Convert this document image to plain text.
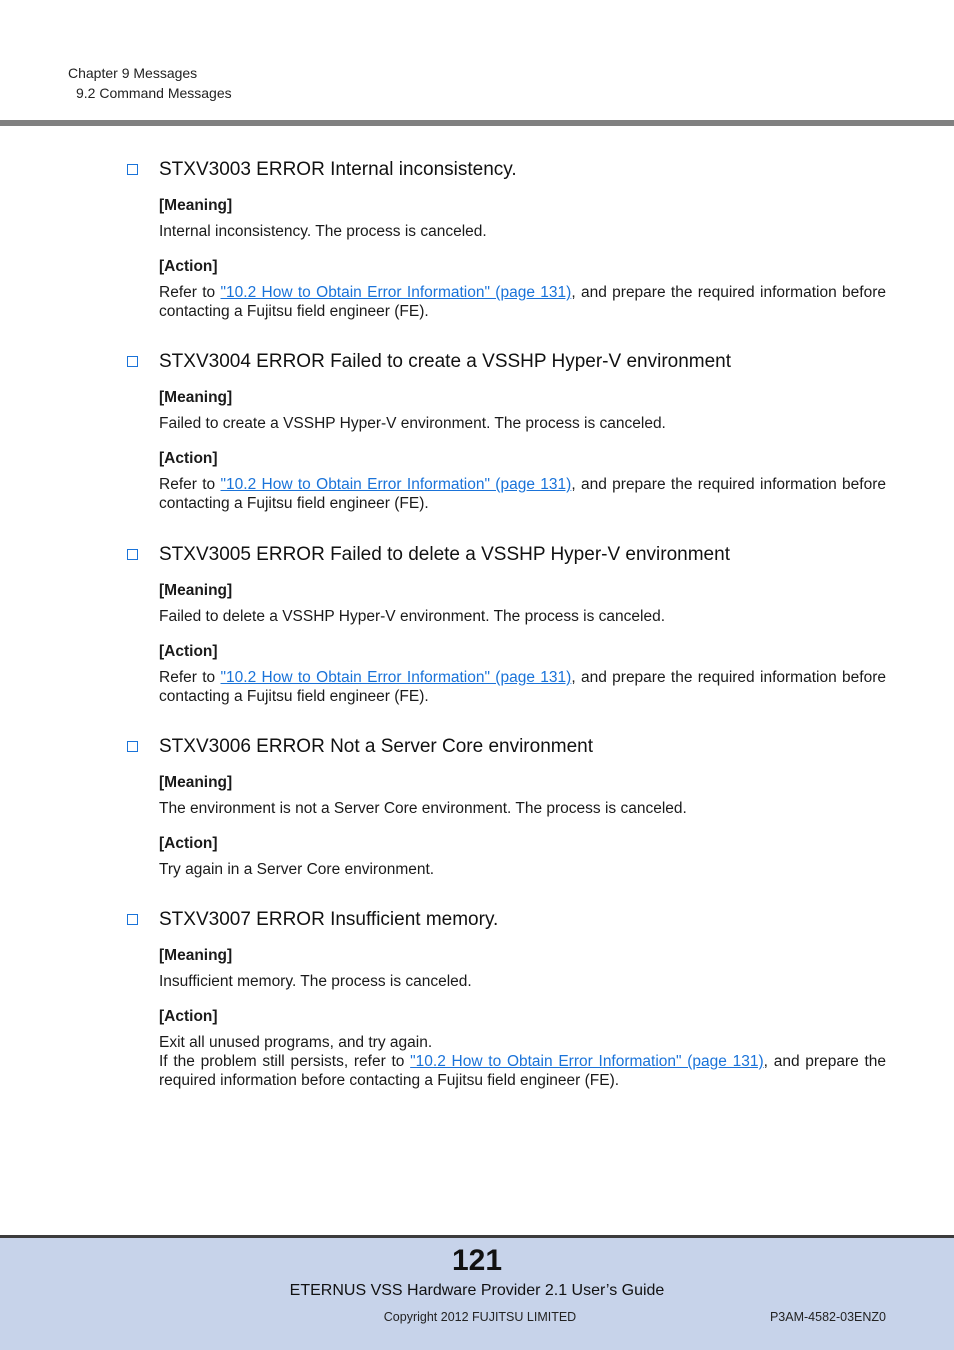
Chapter 9 Messages
9.2 Command Messages
STXV3003 ERROR Internal inconsistency.
[Meaning]
Internal inconsistency. The process is canceled.
[Action]
Refer to "10.2 How to Obtain Error Information" (page 131), and prepare the required information before contacting a Fujitsu field engineer (FE).
STXV3004 ERROR Failed to create a VSSHP Hyper-V environment
[Meaning]
Failed to create a VSSHP Hyper-V environment. The process is canceled.
[Action]
Refer to "10.2 How to Obtain Error Information" (page 131), and prepare the required information before contacting a Fujitsu field engineer (FE).
STXV3005 ERROR Failed to delete a VSSHP Hyper-V environment
[Meaning]
Failed to delete a VSSHP Hyper-V environment. The process is canceled.
[Action]
Refer to "10.2 How to Obtain Error Information" (page 131), and prepare the required information before contacting a Fujitsu field engineer (FE).
STXV3006 ERROR Not a Server Core environment
[Meaning]
The environment is not a Server Core environment. The process is canceled.
[Action]
Try again in a Server Core environment.
STXV3007 ERROR Insufficient memory.
[Meaning]
Insufficient memory. The process is canceled.
[Action]
Exit all unused programs, and try again.
If the problem still persists, refer to "10.2 How to Obtain Error Information" (page 131), and prepare the required information before contacting a Fujitsu field engineer (FE).
121
ETERNUS VSS Hardware Provider 2.1 User’s Guide
Copyright 2012 FUJITSU LIMITED	P3AM-4582-03ENZ0
